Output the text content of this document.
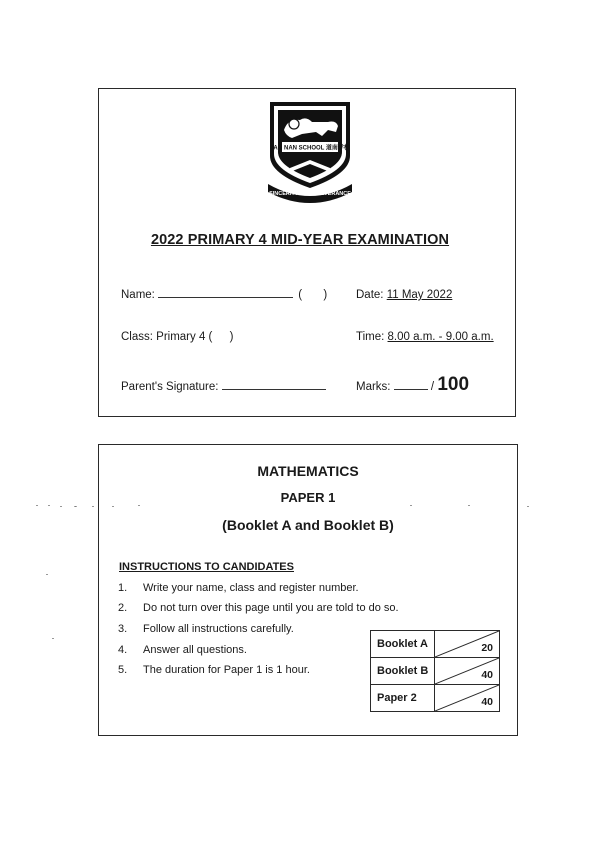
SINCERITY & PERSEVERANCE
TAO NAN SCHOOL 道南学校
2022 PRIMARY 4 MID-YEAR EXAMINATION
Name:	( )	Date: 11 May 2022
Class: Primary 4 ( )	Time: 8.00 a.m. - 9.00 a.m.
Parent's Signature:	Marks:	/ 100
MATHEMATICS
PAPER 1
(Booklet A and Booklet B)
INSTRUCTIONS TO CANDIDATES
1. Write your name, class and register number.
2. Do not turn over this page until you are told to do so.
3. Follow all instructions carefully.
4. Answer all questions.
5. The duration for Paper 1 is 1 hour.
Booklet A	20

Booklet B	40

Paper 2	40
